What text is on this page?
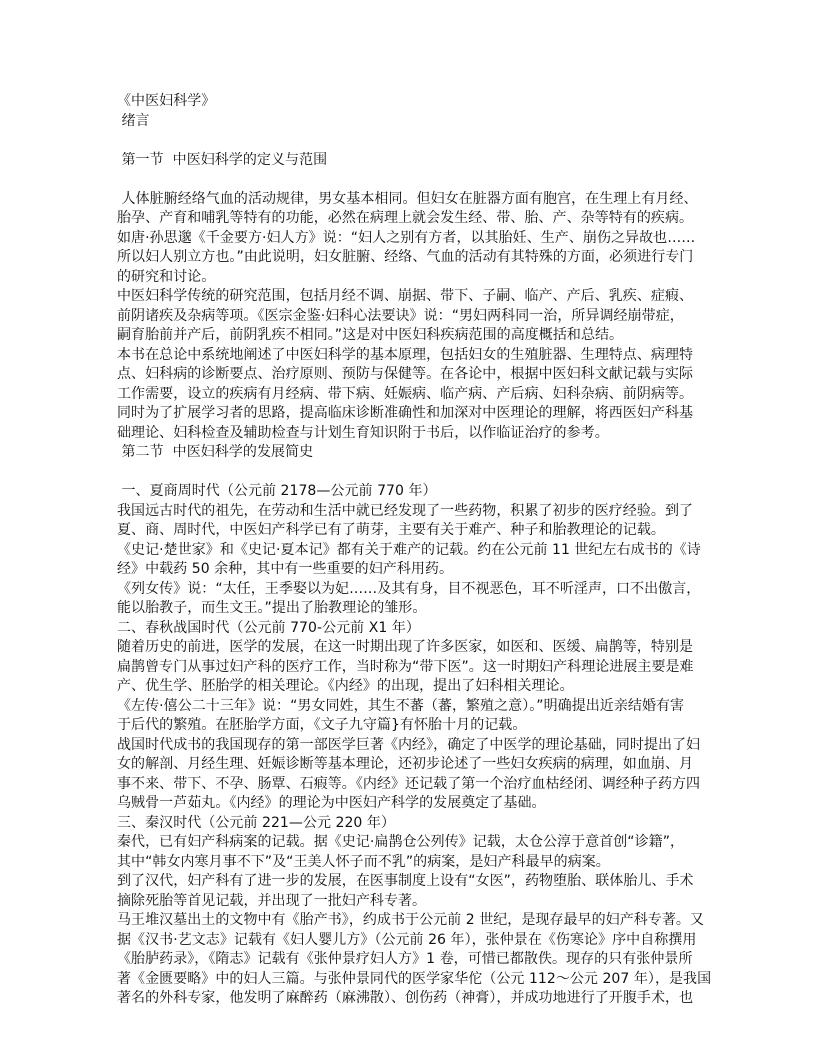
《中医妇科学》
绪言
第一节  中医妇科学的定义与范围
人体脏腑经络气血的活动规律，男女基本相同。但妇女在脏器方面有胞宫，在生理上有月经、
胎孕、产育和哺乳等特有的功能，必然在病理上就会发生经、带、胎、产、杂等特有的疾病。
如唐·孙思邈《千金要方·妇人方》说：“妇人之别有方者，以其胎妊、生产、崩伤之异故也……
所以妇人别立方也。”由此说明，妇女脏腑、经络、气血的活动有其特殊的方面，必须进行专门
的研究和讨论。
中医妇科学传统的研究范围，包括月经不调、崩据、带下、子嗣、临产、产后、乳疾、症瘕、
前阴诸疾及杂病等项。《医宗金鉴·妇科心法要诀》说：“男妇两科同一治，所异调经崩带症，
嗣育胎前并产后，前阴乳疾不相同。”这是对中医妇科疾病范围的高度概括和总结。
本书在总论中系统地阐述了中医妇科学的基本原理，包括妇女的生殖脏器、生理特点、病理特
点、妇科病的诊断要点、治疗原则、预防与保健等。在各论中，根据中医妇科文献记载与实际
工作需要，设立的疾病有月经病、带下病、妊娠病、临产病、产后病、妇科杂病、前阴病等。
同时为了扩展学习者的思路，提高临床诊断准确性和加深对中医理论的理解，将西医妇产科基
础理论、妇科检查及辅助检查与计划生育知识附于书后，以作临证治疗的参考。
第二节  中医妇科学的发展简史
一、夏商周时代（公元前 2178—公元前 770 年）
我国远古时代的祖先，在劳动和生活中就已经发现了一些药物，积累了初步的医疗经验。到了
夏、商、周时代，中医妇产科学已有了萌芽，主要有关于难产、种子和胎教理论的记载。
《史记·楚世家》和《史记·夏本记》都有关于难产的记载。约在公元前 11 世纪左右成书的《诗
经》中载药 50 余种，其中有一些重要的妇产科用药。
《列女传》说：“太任，王季娶以为妃……及其有身，目不视恶色，耳不听淫声，口不出傲言，
能以胎教子，而生文王。”提出了胎教理论的雏形。
二、春秋战国时代（公元前 770-公元前 X1 年）
随着历史的前进，医学的发展，在这一时期出现了许多医家，如医和、医缓、扁鹊等，特别是
扁鹊曾专门从事过妇产科的医疗工作，当时称为“带下医”。这一时期妇产科理论进展主要是难
产、优生学、胚胎学的相关理论。《内经》的出现，提出了妇科相关理论。
《左传·僖公二十三年》说：“男女同姓，其生不蕃（蕃，繁殖之意）。”明确提出近亲结婚有害
于后代的繁殖。在胚胎学方面，《文子九守篇}有怀胎十月的记载。
战国时代成书的我国现存的第一部医学巨著《内经》，确定了中医学的理论基础，同时提出了妇
女的解剖、月经生理、妊娠诊断等基本理论，还初步论述了一些妇女疾病的病理，如血崩、月
事不来、带下、不孕、肠覃、石瘕等。《内经》还记载了第一个治疗血枯经闭、调经种子药方四
乌贼骨一芦茹丸。《内经》的理论为中医妇产科学的发展奠定了基础。
三、秦汉时代（公元前 221—公元 220 年）
秦代，已有妇产科病案的记载。据《史记·扁鹊仓公列传》记载，太仓公淳于意首创“诊籍”，
其中“韩女内寒月事不下”及“王美人怀子而不乳”的病案，是妇产科最早的病案。
到了汉代，妇产科有了进一步的发展，在医事制度上设有“女医”，药物堕胎、联体胎儿、手术
摘除死胎等首见记载，并出现了一批妇产科专著。
马王堆汉墓出土的文物中有《胎产书》，约成书于公元前 2 世纪，是现存最早的妇产科专著。又
据《汉书·艺文志》记载有《妇人婴儿方》（公元前 26 年），张仲景在《伤寒论》序中自称撰用
《胎胪药录》，《隋志》记载有《张仲景疗妇人方》1 卷，可惜已都散佚。现存的只有张仲景所
著《金匮要略》中的妇人三篇。与张仲景同代的医学家华佗（公元 112～公元 207 年），是我国
著名的外科专家，他发明了麻醉药（麻沸散）、创伤药（神膏），并成功地进行了开腹手术，也
